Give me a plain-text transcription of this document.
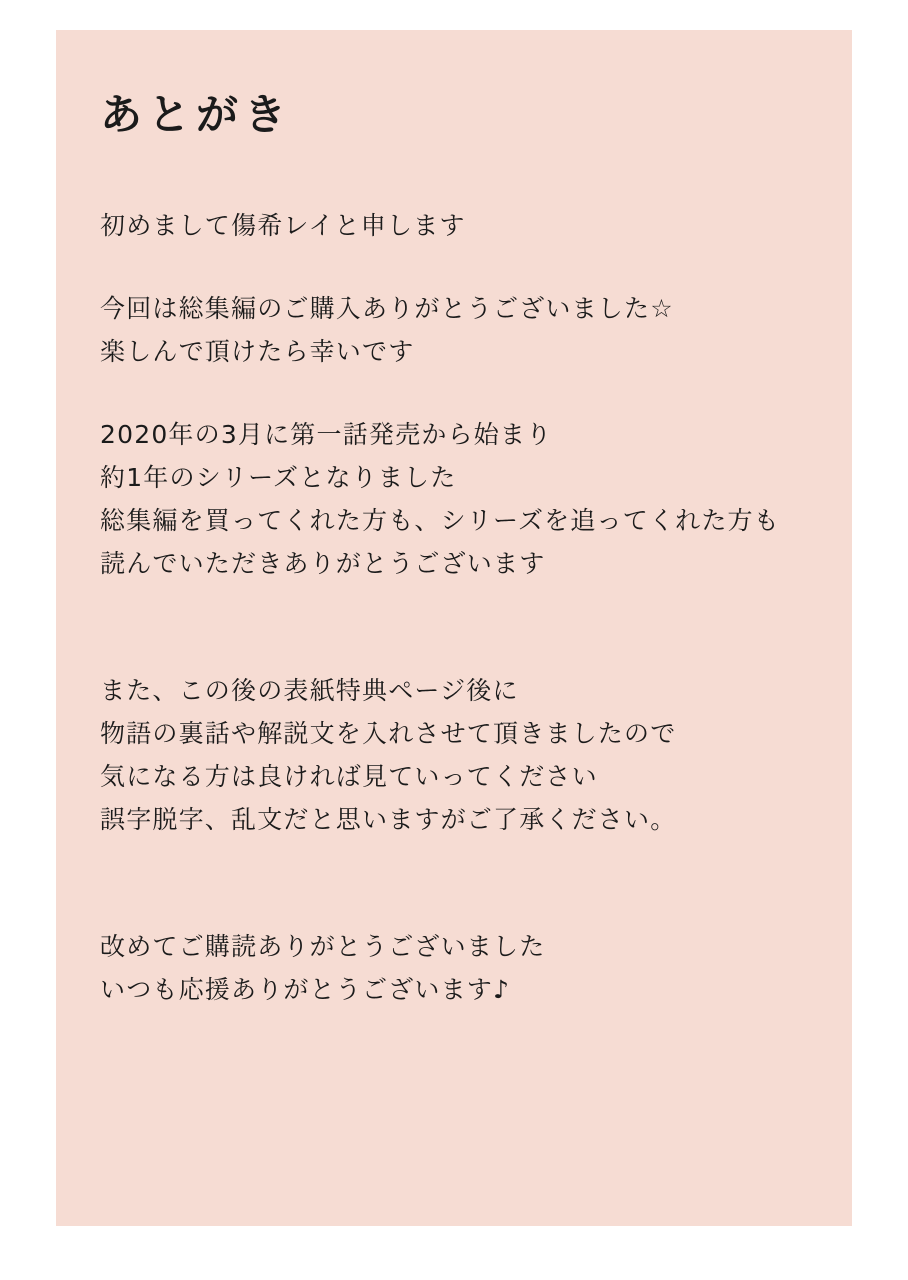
あとがき
初めまして傷希レイと申します
今回は総集編のご購入ありがとうございました☆
楽しんで頂けたら幸いです
2020年の3月に第一話発売から始まり
約1年のシリーズとなりました
総集編を買ってくれた方も、シリーズを追ってくれた方も
読んでいただきありがとうございます
また、この後の表紙特典ページ後に
物語の裏話や解説文を入れさせて頂きましたので
気になる方は良ければ見ていってください
誤字脱字、乱文だと思いますがご了承ください。
改めてご購読ありがとうございました
いつも応援ありがとうございます♪
